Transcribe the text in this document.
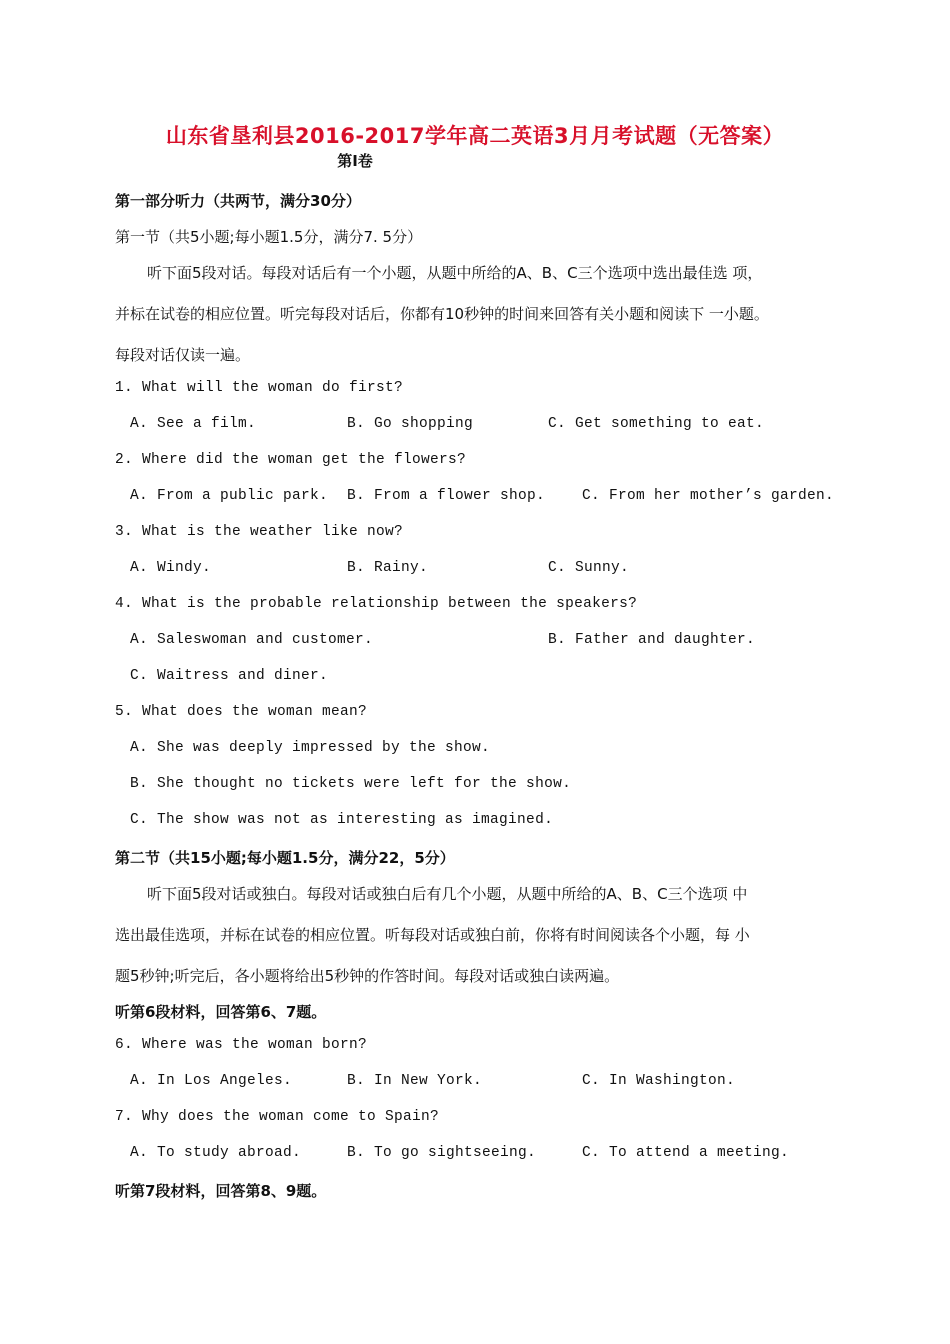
山东省垦利县2016-2017学年高二英语3月月考试题（无答案）
第Ⅰ卷
第一部分听力（共两节，满分30分）
第一节（共5小题;每小题1.5分，满分7. 5分）
听下面5段对话。每段对话后有一个小题，从题中所给的A、B、C三个选项中选出最佳选 项，
并标在试卷的相应位置。听完每段对话后，你都有10秒钟的时间来回答有关小题和阅读下 一小题。
每段对话仅读一遍。
1. What will the woman do first?
A. See a film.	B. Go shopping	C. Get something to eat.
2. Where did the woman get the flowers?
A. From a public park. B. From a flower shop.	C. From her mother’s garden.
3. What is the weather like now?
A. Windy.	B. Rainy.	C. Sunny.
4. What is the probable relationship between the speakers?
A. Saleswoman and customer.	B. Father and daughter.
C. Waitress and diner.
5. What does the woman mean?
A. She was deeply impressed by the show.
B. She thought no tickets were left for the show.
C. The show was not as interesting as imagined.
第二节（共15小题;每小题1.5分，满分22，5分）
听下面5段对话或独白。每段对话或独白后有几个小题，从题中所给的A、B、C三个选项 中
选出最佳选项，并标在试卷的相应位置。听每段对话或独白前，你将有时间阅读各个小题，每 小
题5秒钟;听完后，各小题将给出5秒钟的作答时间。每段对话或独白读两遍。
听第6段材料，回答第6、7题。
6. Where was the woman born?
A. In Los Angeles.	B. In New York.	C. In Washington.
7. Why does the woman come to Spain?
A. To study abroad.	B. To go sightseeing.	C. To attend a meeting.
听第7段材料，回答第8、9题。
